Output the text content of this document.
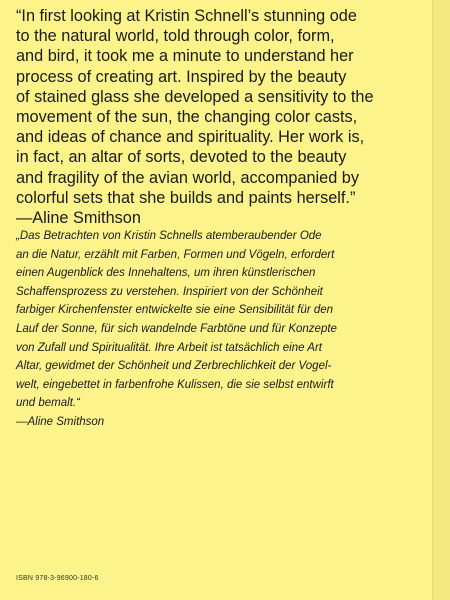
“In first looking at Kristin Schnell’s stunning ode
to the natural world, told through color, form,
and bird, it took me a minute to understand her
process of creating art. Inspired by the beauty
of stained glass she developed a sensitivity to the
movement of the sun, the changing color casts,
and ideas of chance and spirituality. Her work is,
in fact, an altar of sorts, devoted to the beauty
and fragility of the avian world, accompanied by
colorful sets that she builds and paints herself.”
—Aline Smithson

„Das Betrachten von Kristin Schnells atemberaubender Ode
an die Natur, erzählt mit Farben, Formen und Vögeln, erfordert
einen Augenblick des Innehaltens, um ihren künstlerischen
Schaffensprozess zu verstehen. Inspiriert von der Schönheit
farbiger Kirchenfenster entwickelte sie eine Sensibilität für den
Lauf der Sonne, für sich wandelnde Farbtöne und für Konzepte
von Zufall und Spiritualität. Ihre Arbeit ist tatsächlich eine Art
Altar, gewidmet der Schönheit und Zerbrechlichkeit der Vogel-
welt, eingebettet in farbenfrohe Kulissen, die sie selbst entwirft
und bemalt.“
—Aline Smithson

ISBN 978-3-96900-180-6
